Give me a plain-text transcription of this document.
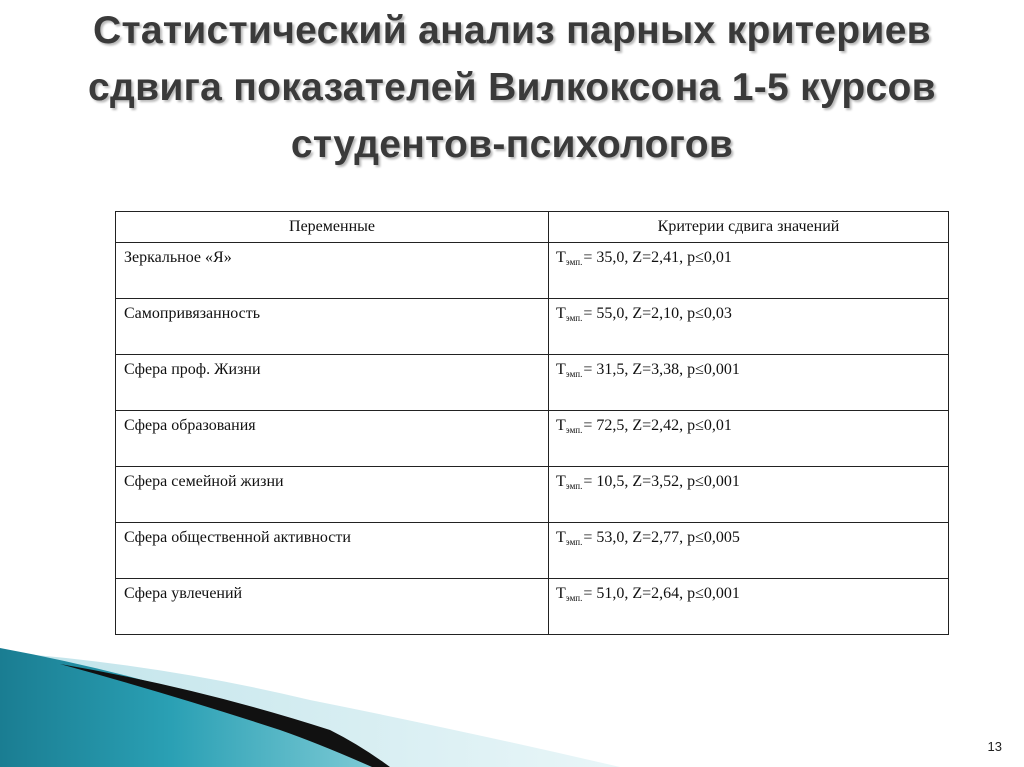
Статистический анализ парных критериев
сдвига показателей Вилкоксона 1-5 курсов
студентов-психологов
Переменные	Критерии сдвига значений
Зеркальное «Я»	$T_{эмп.}= 35,0$, Z=2,41, p≤0,01
Самопривязанность	$T_{эмп.}= 55,0$, Z=2,10, p≤0,03
Сфера проф. Жизни	$T_{эмп.}= 31,5$, Z=3,38, p≤0,001
Сфера образования	$T_{эмп.}= 72,5$, Z=2,42, p≤0,01
Сфера семейной жизни	$T_{эмп.}= 10,5$, Z=3,52, p≤0,001
Сфера общественной активности	$T_{эмп.}= 53,0$, Z=2,77, p≤0,005
Сфера увлечений	$T_{эмп.}= 51,0$, Z=2,64, p≤0,001
13
